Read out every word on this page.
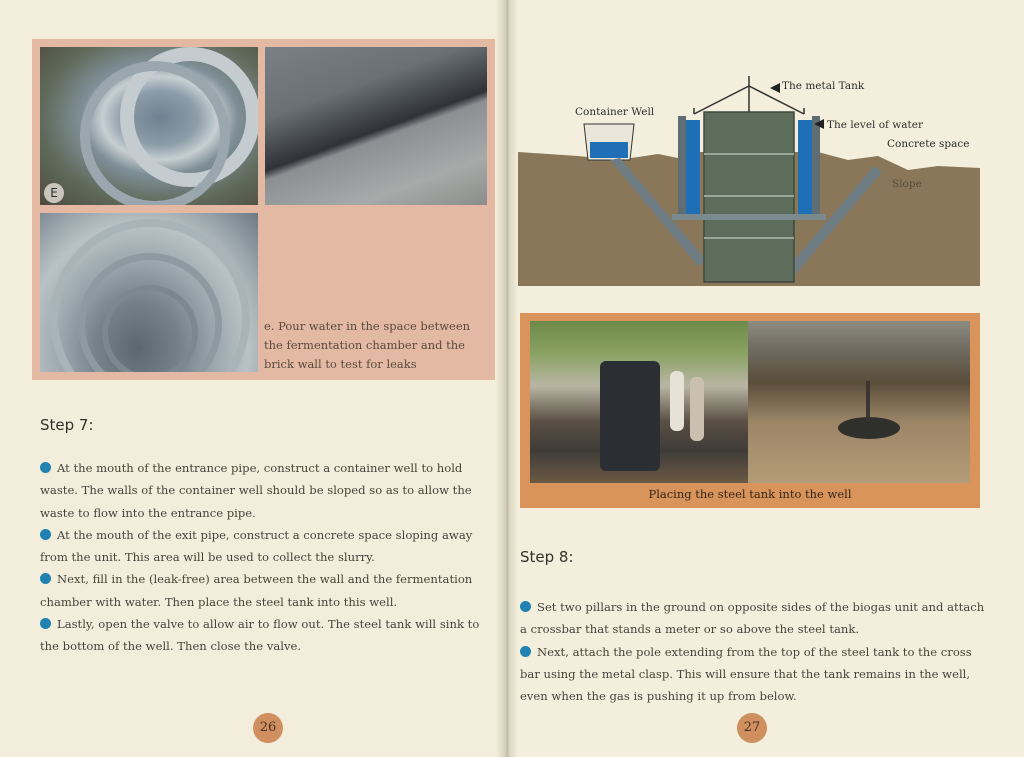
E
e. Pour water in the space between the fermentation chamber and the brick wall to test for leaks
Step 7:

At the mouth of the entrance pipe, construct a container well to hold waste. The walls of the container well should be sloped so as to allow the waste to flow into the entrance pipe.

At the mouth of the exit pipe, construct a concrete space sloping away from the unit. This area will be used to collect the slurry.

Next, fill in the (leak-free) area between the wall and the fermentation chamber with water. Then place the steel tank into this well.

Lastly, open the valve to allow air to flow out. The steel tank will sink to the bottom of the well. Then close the valve.

26
Step 8:

Set two pillars in the ground on opposite sides of the biogas unit and attach a crossbar that stands a meter or so above the steel tank.

Next, attach the pole extending from the top of the steel tank to the cross bar using the metal clasp. This will ensure that the tank remains in the well, even when the gas is pushing it up from below.

27
The metal Tank
Container Well
The level of water
Concrete space
Slope
Placing the steel tank into the well
